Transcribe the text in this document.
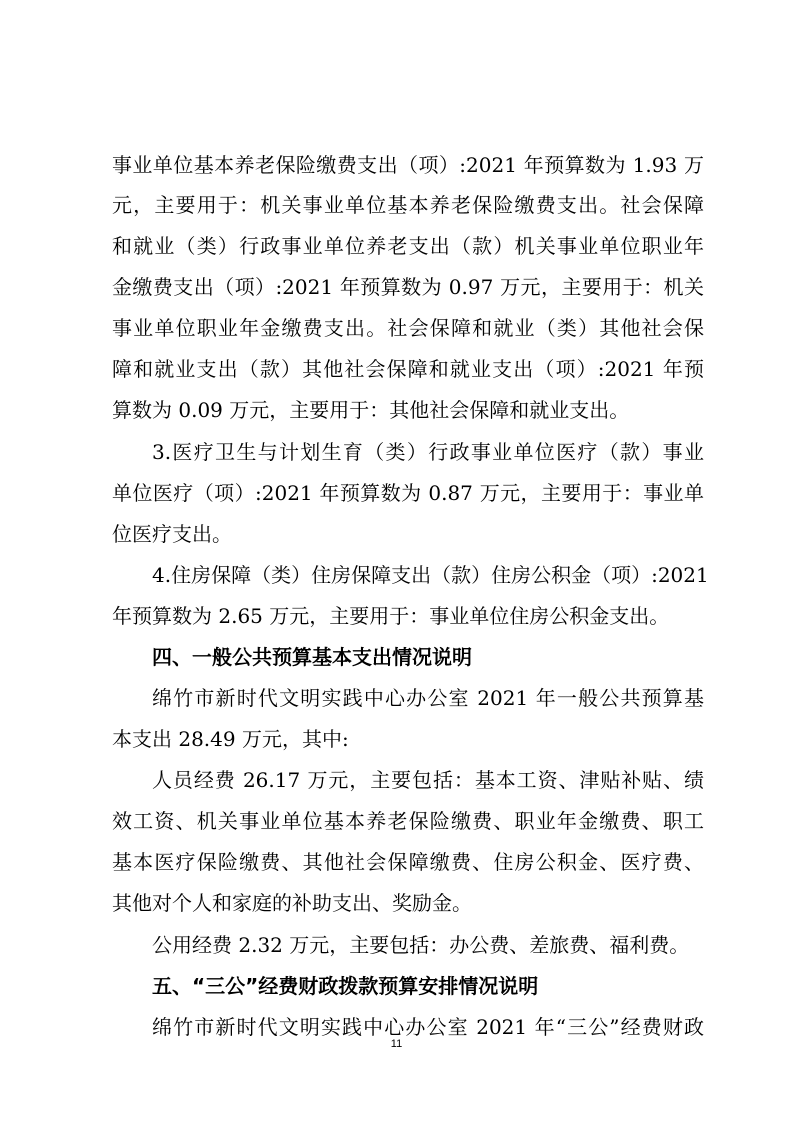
事业单位基本养老保险缴费支出（项）:2021 年预算数为 1.93 万
元，主要用于：机关事业单位基本养老保险缴费支出。社会保障
和就业（类）行政事业单位养老支出（款）机关事业单位职业年
金缴费支出（项）:2021 年预算数为 0.97 万元，主要用于：机关
事业单位职业年金缴费支出。社会保障和就业（类）其他社会保
障和就业支出（款）其他社会保障和就业支出（项）:2021 年预
算数为 0.09 万元，主要用于：其他社会保障和就业支出。
3.医疗卫生与计划生育（类）行政事业单位医疗（款）事业
单位医疗（项）:2021 年预算数为 0.87 万元，主要用于：事业单
位医疗支出。
4.住房保障（类）住房保障支出（款）住房公积金（项）:2021
年预算数为 2.65 万元，主要用于：事业单位住房公积金支出。
四、一般公共预算基本支出情况说明
绵竹市新时代文明实践中心办公室 2021 年一般公共预算基
本支出 28.49 万元，其中:
人员经费 26.17 万元，主要包括：基本工资、津贴补贴、绩
效工资、机关事业单位基本养老保险缴费、职业年金缴费、职工
基本医疗保险缴费、其他社会保障缴费、住房公积金、医疗费、
其他对个人和家庭的补助支出、奖励金。
公用经费 2.32 万元，主要包括：办公费、差旅费、福利费。
五、“三公”经费财政拨款预算安排情况说明
绵竹市新时代文明实践中心办公室 2021 年“三公”经费财政
11
